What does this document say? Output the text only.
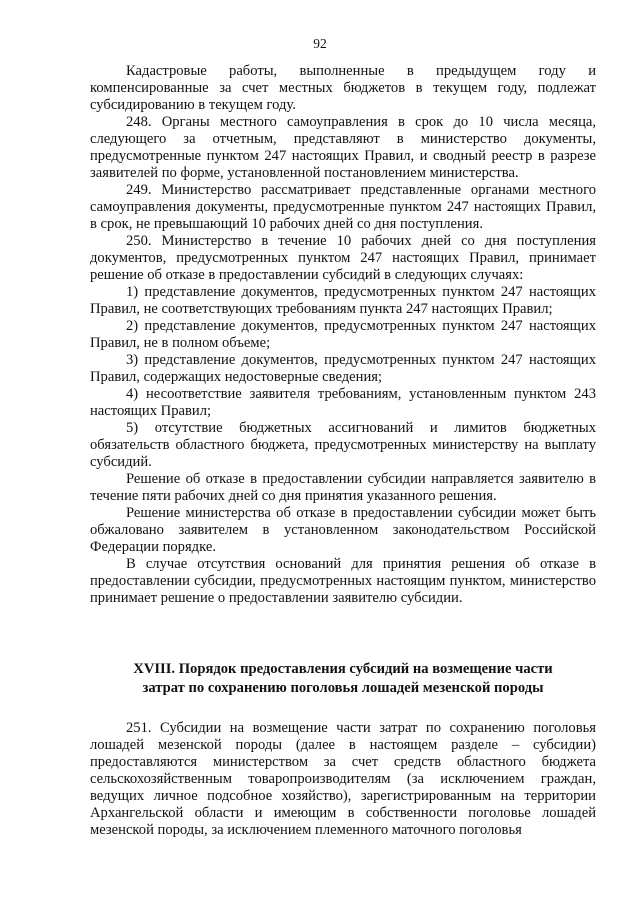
92

Кадастровые работы, выполненные в предыдущем году и компенсированные за счет местных бюджетов в текущем году, подлежат субсидированию в текущем году.

248. Органы местного самоуправления в срок до 10 числа месяца, следующего за отчетным, представляют в министерство документы, предусмотренные пунктом 247 настоящих Правил, и сводный реестр в разрезе заявителей по форме, установленной постановлением министерства.

249. Министерство рассматривает представленные органами местного самоуправления документы, предусмотренные пунктом 247 настоящих Правил, в срок, не превышающий 10 рабочих дней со дня поступления.

250. Министерство в течение 10 рабочих дней со дня поступления документов, предусмотренных пунктом 247 настоящих Правил, принимает решение об отказе в предоставлении субсидий в следующих случаях:

1) представление документов, предусмотренных пунктом 247 настоящих Правил, не соответствующих требованиям пункта 247 настоящих Правил;

2) представление документов, предусмотренных пунктом 247 настоящих Правил, не в полном объеме;

3) представление документов, предусмотренных пунктом 247 настоящих Правил, содержащих недостоверные сведения;

4) несоответствие заявителя требованиям, установленным пунктом 243 настоящих Правил;

5) отсутствие бюджетных ассигнований и лимитов бюджетных обязательств областного бюджета, предусмотренных министерству на выплату субсидий.

Решение об отказе в предоставлении субсидии направляется заявителю в течение пяти рабочих дней со дня принятия указанного решения.

Решение министерства об отказе в предоставлении субсидии может быть обжаловано заявителем в установленном законодательством Российской Федерации порядке.

В случае отсутствия оснований для принятия решения об отказе в предоставлении субсидии, предусмотренных настоящим пунктом, министерство принимает решение о предоставлении заявителю субсидии.

XVIII. Порядок предоставления субсидий на возмещение части
затрат по сохранению поголовья лошадей мезенской породы

251. Субсидии на возмещение части затрат по сохранению поголовья лошадей мезенской породы (далее в настоящем разделе – субсидии) предоставляются министерством за счет средств областного бюджета сельскохозяйственным товаропроизводителям (за исключением граждан, ведущих личное подсобное хозяйство), зарегистрированным на территории Архангельской области и имеющим в собственности поголовье лошадей мезенской породы, за исключением племенного маточного поголовья
